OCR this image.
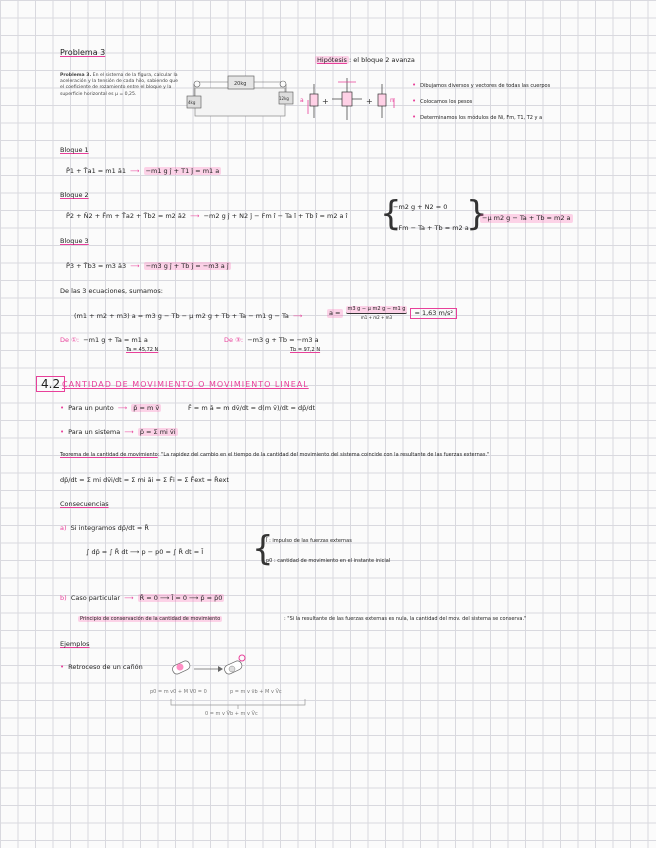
Problema 3
Problema 3. En el sistema de la figura, calcular la aceleración y la tensión de cada hilo, sabiendo que el coeficiente de rozamiento entre el bloque y la superficie horizontal es μ = 0,25.
20kg
4kg
12kg
Hipótesis : el bloque 2 avanza
a +	+	n
• Dibujamos diversos y vectores de todas las cuerpos
• Colocamos los pesos
• Determinamos los módulos de Ni, Fm, T1, T2 y a
Bloque 1
P̄1 + T̄a1 = m1 ā1  ⟶  −m1 g ĵ + T1 ĵ = m1 a
Bloque 2
P̄2 + N̄2 + F̄m + T̄a2 + T̄b2 = m2 ā2  ⟶  −m2 g ĵ + N2 ĵ − Fm î − Ta î + Tb î = m2 a î {
−m2 g + N2 = 0
−Fm − Ta + Tb = m2 a
}
−μ m2 g − Ta + Tb = m2 a
Bloque 3
P̄3 + T̄b3 = m3 ā3  ⟶  −m3 g ĵ + Tb ĵ = −m3 a ĵ
De las 3 ecuaciones, sumamos:
(m1 + m2 + m3) a = m3 g − Tb − μ m2 g + Tb + Ta − m1 g − Ta  ⟶	a =	m3 g − μ m2 g − m1 g
m1 + m2 + m3
= 1,63 m/s²
De ①: −m1 g + Ta = m1 a
Ta = 45,72 N
De ③: −m3 g + Tb = −m3 a
Tb = 97,2 N
4.2 CANTIDAD DE MOVIMIENTO O MOVIMIENTO LINEAL
• Para un punto  ⟶  p̄ = m v̄	F̄ = m ā = m dv̄/dt = d(m v̄)/dt = dp̄/dt
• Para un sistema  ⟶  p̄ = Σ mi v̄i
Teorema de la cantidad de movimiento: "La rapidez del cambio en el tiempo de la cantidad del movimiento del sistema coincide con la resultante de las fuerzas externas."
dp̄/dt = Σ mi dv̄i/dt = Σ mi āi = Σ F̄i = Σ F̄ext = R̄ext
Consecuencias
a) Si integramos dp̄/dt = R̄
∫ dp̄ = ∫ R̄ dt ⟶ p − p0 = ∫ R̄ dt = Ī {
Ī : impulso de las fuerzas externas
p0 : cantidad de movimiento en el instante inicial
b) Caso particular  ⟶  R̄ = 0 ⟶ Ī = 0 ⟶ p̄ = p̄0
Principio de conservación de la cantidad de movimiento	: "Si la resultante de las fuerzas externas es nula, la cantidad del mov. del sistema se conserva."
Ejemplos
• Retroceso de un cañón
p0 = m v0 + M V0 = 0	p = m v v̄b + M v V̄c
0 = m v V̄b + m v V̄c
